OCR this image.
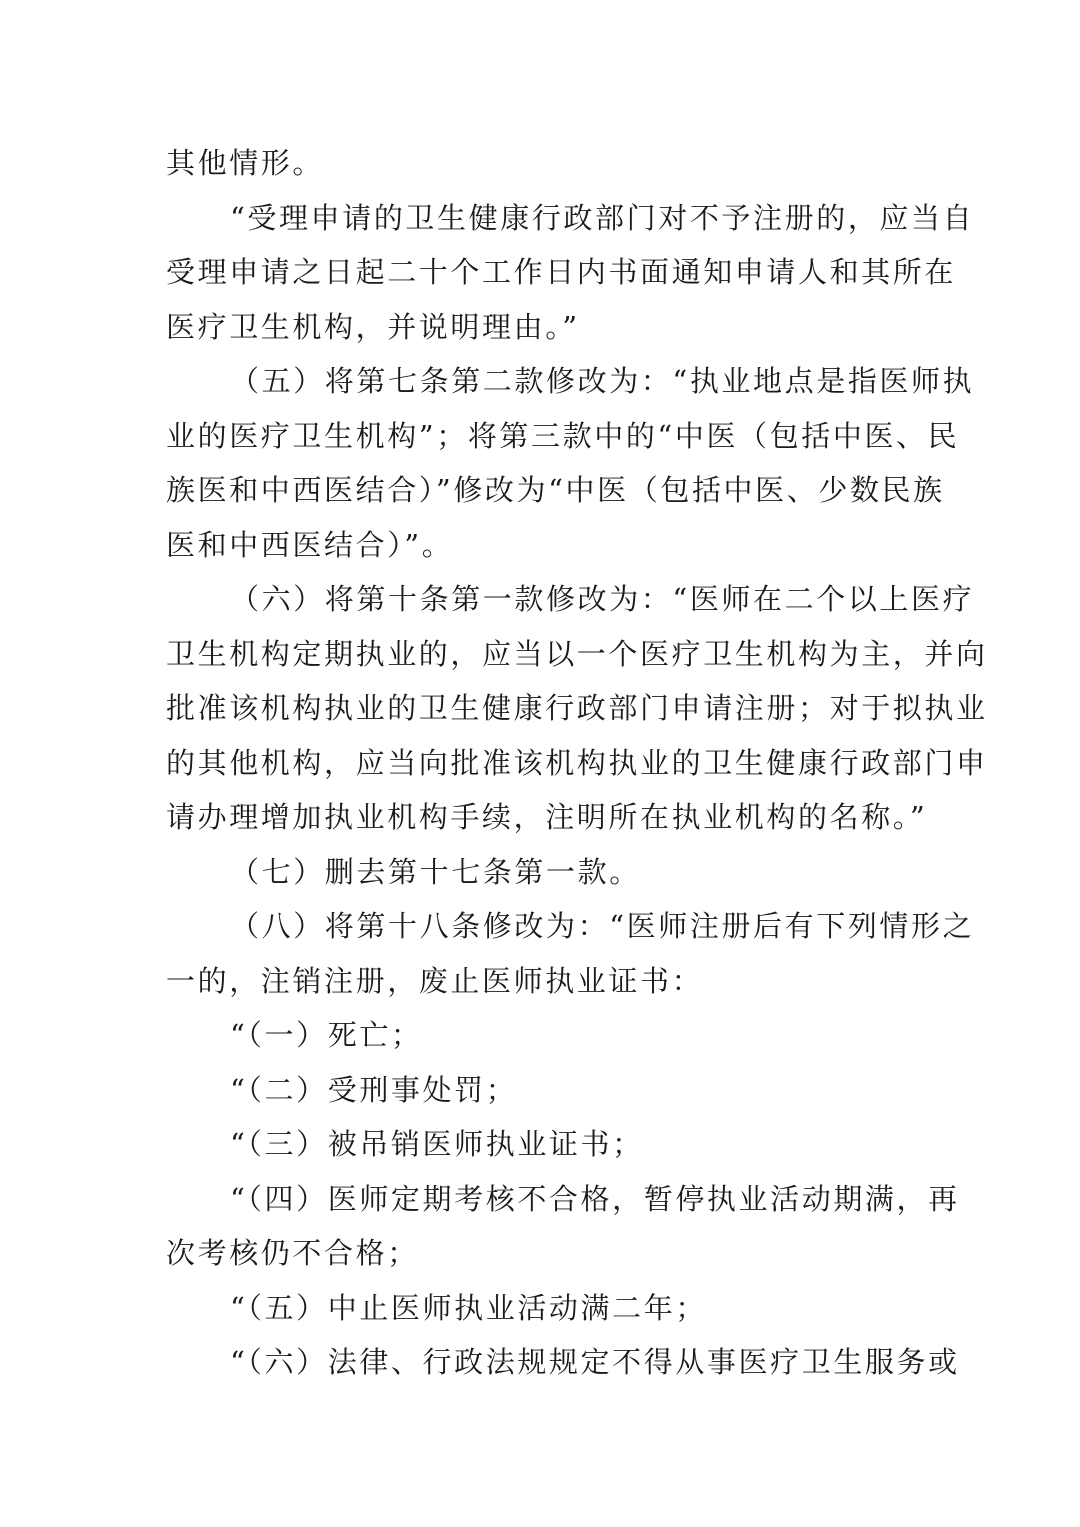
其他情形。
“受理申请的卫生健康行政部门对不予注册的，应当自
受理申请之日起二十个工作日内书面通知申请人和其所在
医疗卫生机构，并说明理由。”
（五）将第七条第二款修改为：“执业地点是指医师执
业的医疗卫生机构”；将第三款中的“中医（包括中医、民
族医和中西医结合）”修改为“中医（包括中医、少数民族
医和中西医结合）”。
（六）将第十条第一款修改为：“医师在二个以上医疗
卫生机构定期执业的，应当以一个医疗卫生机构为主，并向
批准该机构执业的卫生健康行政部门申请注册；对于拟执业
的其他机构，应当向批准该机构执业的卫生健康行政部门申
请办理增加执业机构手续，注明所在执业机构的名称。”
（七）删去第十七条第一款。
（八）将第十八条修改为：“医师注册后有下列情形之
一的，注销注册，废止医师执业证书：
“（一）死亡；
“（二）受刑事处罚；
“（三）被吊销医师执业证书；
“（四）医师定期考核不合格，暂停执业活动期满，再
次考核仍不合格；
“（五）中止医师执业活动满二年；
“（六）法律、行政法规规定不得从事医疗卫生服务或
